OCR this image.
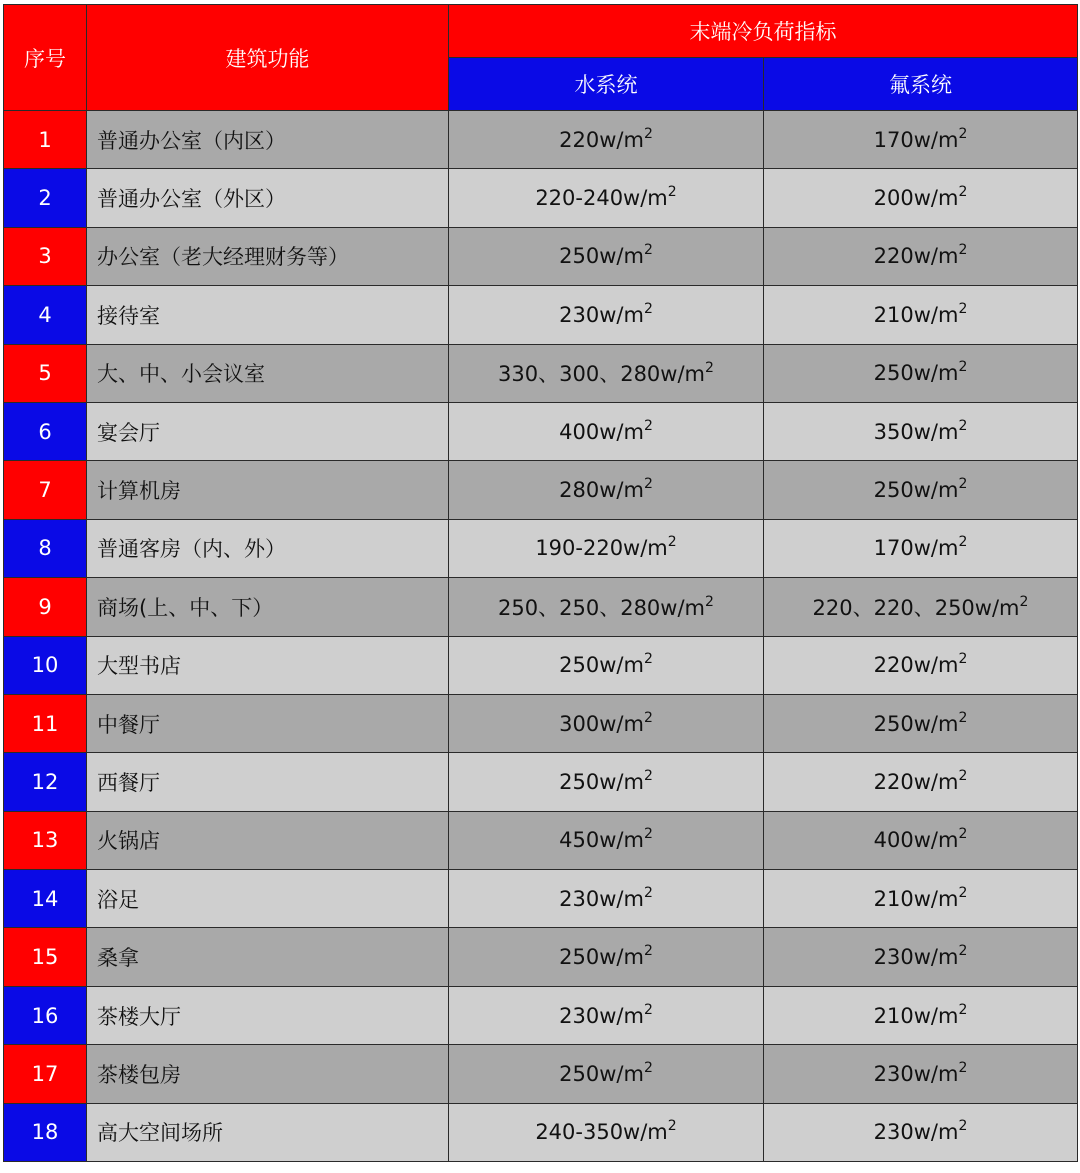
序号	建筑功能	末端冷负荷指标	
		水系统	氟系统
1	普通办公室（内区）	$220w/m^2$	$170w/m^2$
2	普通办公室（外区）	$220-240w/m^2$	$200w/m^2$
3	办公室（老大经理财务等）	$250w/m^2$	$220w/m^2$
4	接待室	$230w/m^2$	$210w/m^2$
5	大、中、小会议室	330、300、$280w/m^2$	$250w/m^2$
6	宴会厅	$400w/m^2$	$350w/m^2$
7	计算机房	$280w/m^2$	$250w/m^2$
8	普通客房（内、外）	$190-220w/m^2$	$170w/m^2$
9	商场(上、中、下）	250、250、$280w/m^2$	220、220、$250w/m^2$
10	大型书店	$250w/m^2$	$220w/m^2$
11	中餐厅	$300w/m^2$	$250w/m^2$
12	西餐厅	$250w/m^2$	$220w/m^2$
13	火锅店	$450w/m^2$	$400w/m^2$
14	浴足	$230w/m^2$	$210w/m^2$
15	桑拿	$250w/m^2$	$230w/m^2$
16	茶楼大厅	$230w/m^2$	$210w/m^2$
17	茶楼包房	$250w/m^2$	$230w/m^2$
18	高大空间场所	$240-350w/m^2$	$230w/m^2$
